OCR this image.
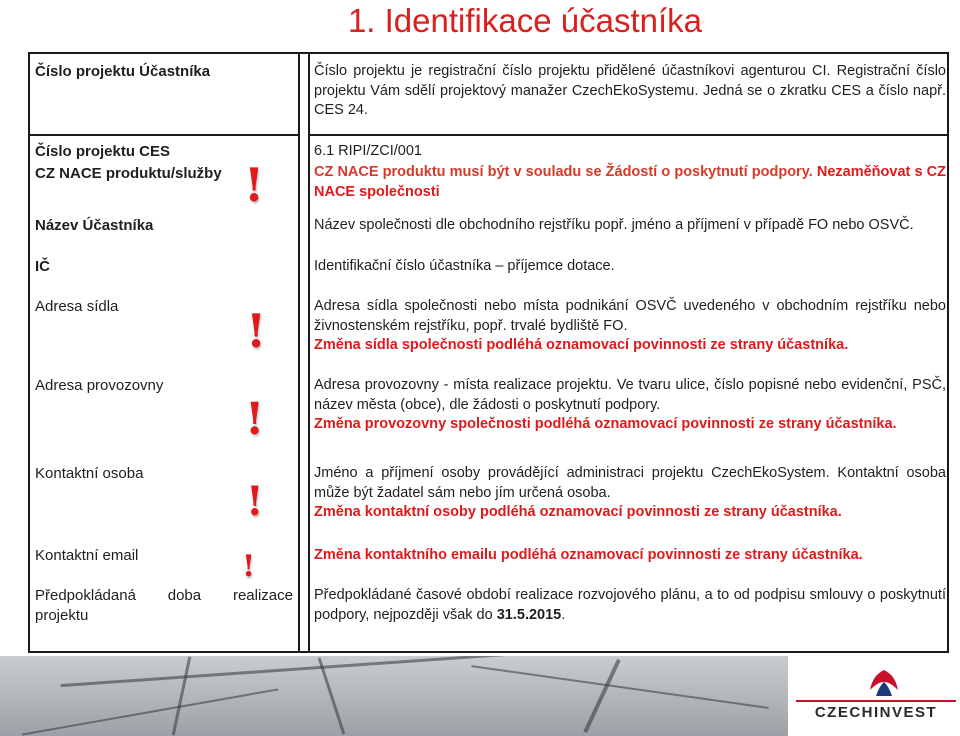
1. Identifikace účastníka
Číslo projektu Účastníka
Číslo projektu CES
CZ NACE produktu/služby
Název Účastníka
IČ
Adresa sídla
Adresa provozovny
Kontaktní osoba
Kontaktní email
Předpokládaná doba realizace
projektu
!
!
!
!
!
Číslo projektu je registrační číslo projektu přidělené účastníkovi agenturou CI. Registrační číslo projektu Vám sdělí projektový manažer CzechEkoSystemu. Jedná se o zkratku CES a číslo např. CES 24.
6.1 RIPI/ZCI/001
CZ NACE produktu musí být v souladu se Žádostí o poskytnutí podpory. Nezaměňovat s CZ NACE společnosti
Název společnosti dle obchodního rejstříku popř. jméno a příjmení v případě FO nebo OSVČ.
Identifikační číslo účastníka – příjemce dotace.
Adresa sídla společnosti nebo místa podnikání OSVČ uvedeného v obchodním rejstříku nebo živnostenském rejstříku, popř. trvalé bydliště FO.
Změna sídla společnosti podléhá oznamovací povinnosti ze strany účastníka.
Adresa provozovny - místa realizace projektu. Ve tvaru ulice, číslo popisné nebo evidenční, PSČ, název města (obce), dle žádosti o poskytnutí podpory.
Změna provozovny společnosti podléhá oznamovací povinnosti ze strany účastníka.
Jméno a příjmení osoby provádějící administraci projektu CzechEkoSystem. Kontaktní osoba může být žadatel sám nebo jím určená osoba.
Změna kontaktní osoby podléhá oznamovací povinnosti ze strany účastníka.
Změna kontaktního emailu podléhá oznamovací povinnosti ze strany účastníka.
Předpokládané časové období realizace rozvojového plánu, a to od podpisu smlouvy o poskytnutí podpory, nejpozději však do 31.5.2015.
CZECHINVEST
